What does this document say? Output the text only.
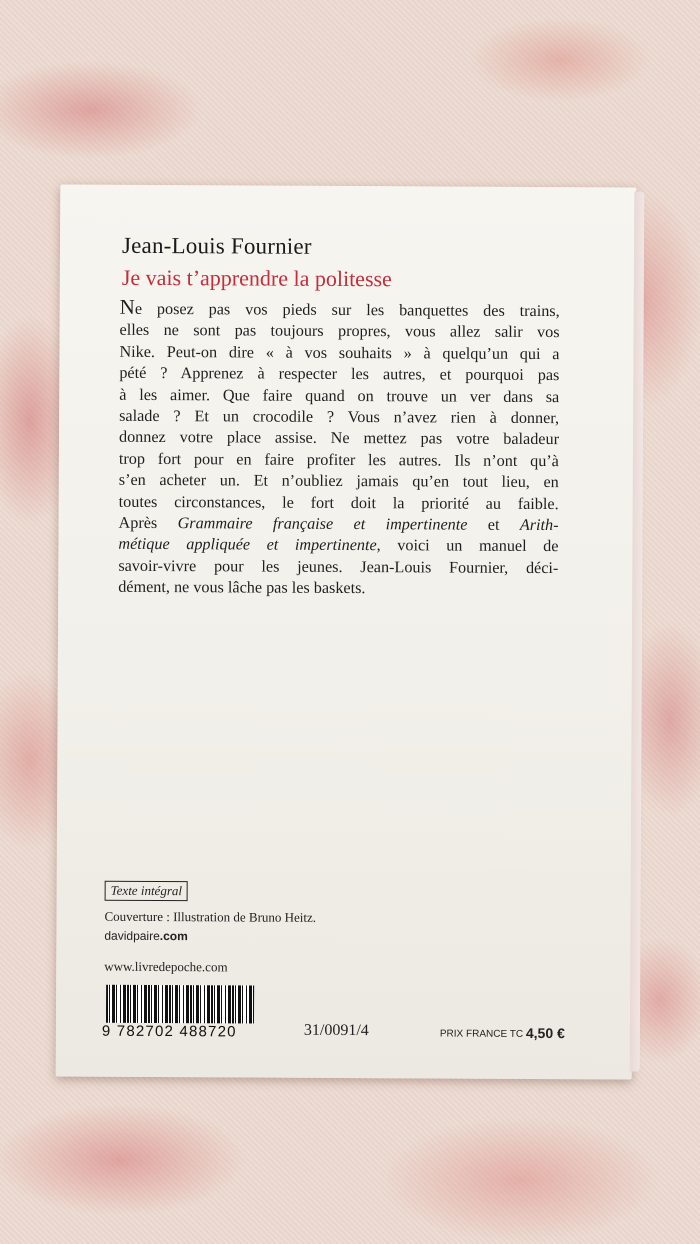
Jean-Louis Fournier
Je vais t’apprendre la politesse
Ne posez pas vos pieds sur les banquettes des trains,
elles ne sont pas toujours propres, vous allez salir vos
Nike. Peut-on dire « à vos souhaits » à quelqu’un qui a
pété ? Apprenez à respecter les autres, et pourquoi pas
à les aimer. Que faire quand on trouve un ver dans sa
salade ? Et un crocodile ? Vous n’avez rien à donner,
donnez votre place assise. Ne mettez pas votre baladeur
trop fort pour en faire profiter les autres. Ils n’ont qu’à
s’en acheter un. Et n’oubliez jamais qu’en tout lieu, en
toutes circonstances, le fort doit la priorité au faible.
Après Grammaire française et impertinente et Arith-
métique appliquée et impertinente, voici un manuel de
savoir-vivre pour les jeunes. Jean-Louis Fournier, déci-
dément, ne vous lâche pas les baskets.
Texte intégral
Couverture : Illustration de Bruno Heitz.
davidpaire.com
www.livredepoche.com
9 782702 488720	31/0091/4	PRIX FRANCE TC 4,50 €
